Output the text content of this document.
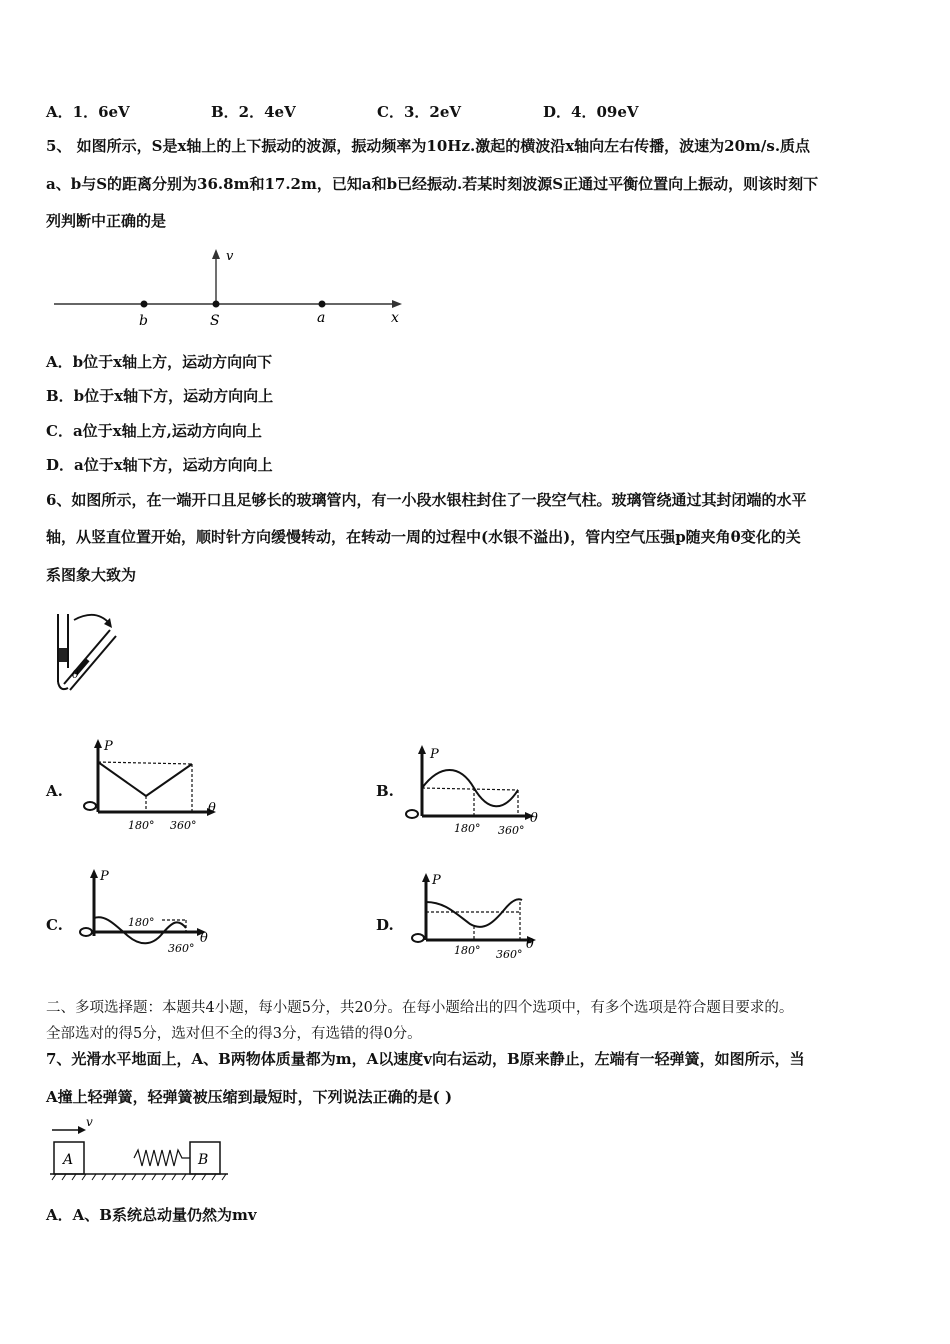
A．1．6eV	B．2．4eV	C．3．2eV	D．4．09eV
5、 如图所示，S是x轴上的上下振动的波源，振动频率为10Hz.激起的横波沿x轴向左右传播，波速为20m/s.质点
a、b与S的距离分别为36.8m和17.2m，已知a和b已经振动.若某时刻波源S正通过平衡位置向上振动，则该时刻下
列判断中正确的是
v
b	S	a	x
A．b位于x轴上方，运动方向向下
B．b位于x轴下方，运动方向向上
C．a位于x轴上方,运动方向向上
D．a位于x轴下方，运动方向向上
6、如图所示，在一端开口且足够长的玻璃管内，有一小段水银柱封住了一段空气柱。玻璃管绕通过其封闭端的水平
轴，从竖直位置开始，顺时针方向缓慢转动，在转动一周的过程中(水银不溢出)，管内空气压强p随夹角θ变化的关
系图象大致为
θ
A.
P
180° 360°
θ
B.
P
180° 360°
θ
C.
P
180°
360°
θ
D.
P
180° 360°
θ
二、多项选择题：本题共4小题，每小题5分，共20分。在每小题给出的四个选项中，有多个选项是符合题目要求的。
全部选对的得5分，选对但不全的得3分，有选错的得0分。
7、光滑水平地面上，A、B两物体质量都为m，A以速度v向右运动，B原来静止，左端有一轻弹簧，如图所示，当
A撞上轻弹簧，轻弹簧被压缩到最短时，下列说法正确的是( )
v
A	B
A．A、B系统总动量仍然为mv
